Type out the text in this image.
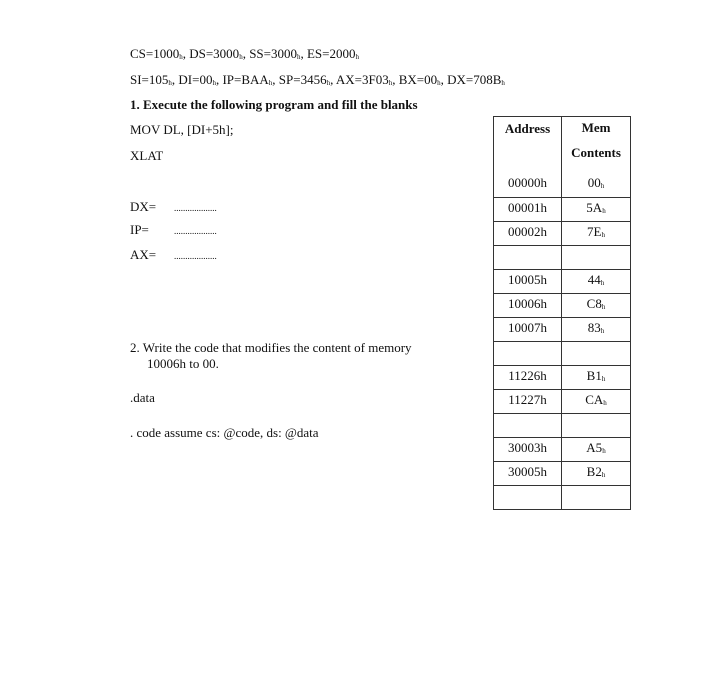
$CS=1000_h$, $DS=3000_h$, $SS=3000_h$, $ES=2000_h$
$SI=105_h$, $DI=00_h$, $IP=BAA_h$, $SP=3456_h$, $AX=3F03_h$, $BX=00_h$, $DX=708B_h$
1. Execute the following program and fill the blanks
MOV DL, [DI+5h];
XLAT
DX= ...................
IP=	...................
AX= ...................
2. Write the code that modifies the content of memory
10006h to 00.
.data
. code assume cs: @code, ds: @data
Address	Mem
Contents
00000h	$00_h$
00001h	$5A_h$
00002h	$7E_h$
10005h	$44_h$
10006h	$C8_h$
10007h	$83_h$
11226h	$B1_h$
11227h	$CA_h$
30003h	$A5_h$
30005h	$B2_h$
